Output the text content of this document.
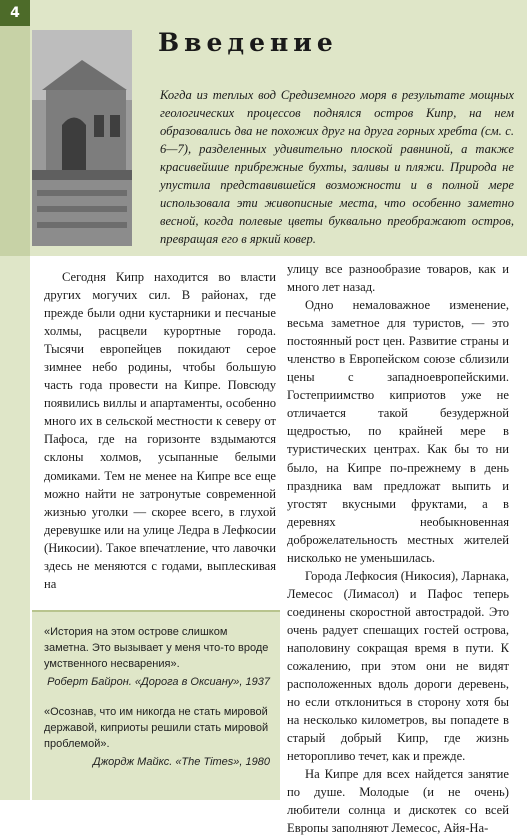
4
Введение
Когда из теплых вод Средиземного моря в результате мощных геологических процессов поднялся остров Кипр, на нем образовались два не похожих друг на друга горных хребта (см. с. 6—7), разделенных удивительно плоской равниной, а также красивейшие прибрежные бухты, заливы и пляжи. Природа не упустила представившейся возможности и в полной мере использовала эти живописные места, что особенно заметно весной, когда полевые цветы буквально преображают остров, превращая его в яркий ковер.

Сегодня Кипр находится во власти других могучих сил. В районах, где прежде были одни кустарники и песчаные холмы, расцвели курортные города. Тысячи европейцев покидают серое зимнее небо родины, чтобы большую часть года провести на Кипре. Повсюду появились виллы и апартаменты, особенно много их в сельской местности к северу от Пафоса, где на горизонте вздымаются склоны холмов, усыпанные белыми домиками. Тем не менее на Кипре все еще можно найти не затронутые современной жизнью уголки — скорее всего, в глухой деревушке или на улице Ледра в Лефкосии (Никосии). Такое впечатление, что лавочки здесь не меняются с годами, выплескивая на

улицу все разнообразие товаров, как и много лет назад.

Одно немаловажное изменение, весьма заметное для туристов, — это постоянный рост цен. Развитие страны и членство в Европейском союзе сблизили цены с западноевропейскими. Гостеприимство киприотов уже не отличается такой безудержной щедростью, по крайней мере в туристических центрах. Как бы то ни было, на Кипре по-прежнему в день праздника вам предложат выпить и угостят вкусными фруктами, а в деревнях необыкновенная доброжелательность местных жителей нисколько не уменьшилась.

Города Лефкосия (Никосия), Ларнака, Лемесос (Лимасол) и Пафос теперь соединены скоростной автострадой. Это очень радует спешащих гостей острова, наполовину сокращая время в пути. К сожалению, при этом они не видят расположенных вдоль дороги деревень, но если отклониться в сторону хотя бы на несколько километров, вы попадете в старый добрый Кипр, где жизнь неторопливо течет, как и прежде.

На Кипре для всех найдется занятие по душе. Молодые (и не очень) любители солнца и дискотек со всей Европы заполняют Лемесос, Айя-На-

«История на этом острове слишком заметна. Это вызывает у меня что-то вроде умственного несварения».
Роберт Байрон. «Дорога в Оксиану», 1937
«Осознав, что им никогда не стать мировой державой, киприоты решили стать мировой проблемой».
Джордж Майкс. «The Times», 1980
